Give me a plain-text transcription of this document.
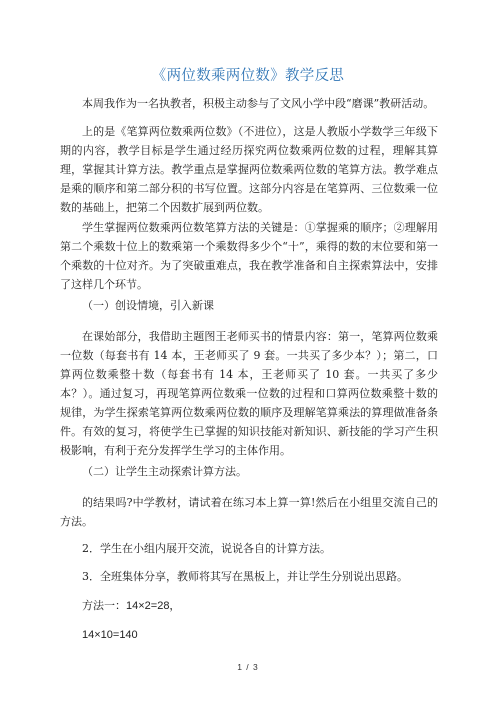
《两位数乘两位数》教学反思

本周我作为一名执教者，积极主动参与了文风小学中段“磨课”教研活动。

上的是《笔算两位数乘两位数》（不进位），这是人教版小学数学三年级下期的内容，教学目标是学生通过经历探究两位数乘两位数的过程，理解其算理，掌握其计算方法。教学重点是掌握两位数乘两位数的笔算方法。教学难点是乘的顺序和第二部分积的书写位置。这部分内容是在笔算两、三位数乘一位数的基础上，把第二个因数扩展到两位数。

学生掌握两位数乘两位数笔算方法的关键是：①掌握乘的顺序；②理解用第二个乘数十位上的数乘第一个乘数得多少个“十”，乘得的数的末位要和第一个乘数的十位对齐。为了突破重难点，我在教学准备和自主探索算法中，安排了这样几个环节。

（一）创设情境，引入新课

在课始部分，我借助主题图王老师买书的情景内容：第一，笔算两位数乘一位数（每套书有 14 本，王老师买了 9 套。一共买了多少本？）；第二，口算两位数乘整十数（每套书有 14 本，王老师买了 10 套。一共买了多少本？）。通过复习，再现笔算两位数乘一位数的过程和口算两位数乘整十数的规律，为学生探索笔算两位数乘两位数的顺序及理解笔算乘法的算理做准备条件。有效的复习，将使学生已掌握的知识技能对新知识、新技能的学习产生积极影响，有利于充分发挥学生学习的主体作用。

（二）让学生主动探索计算方法。

的结果吗?中学教材，请试着在练习本上算一算!然后在小组里交流自己的方法。

2．学生在小组内展开交流，说说各自的计算方法。

3．全班集体分享，教师将其写在黑板上，并让学生分别说出思路。

方法一：14×2=28，

14×10=140

1 / 3
